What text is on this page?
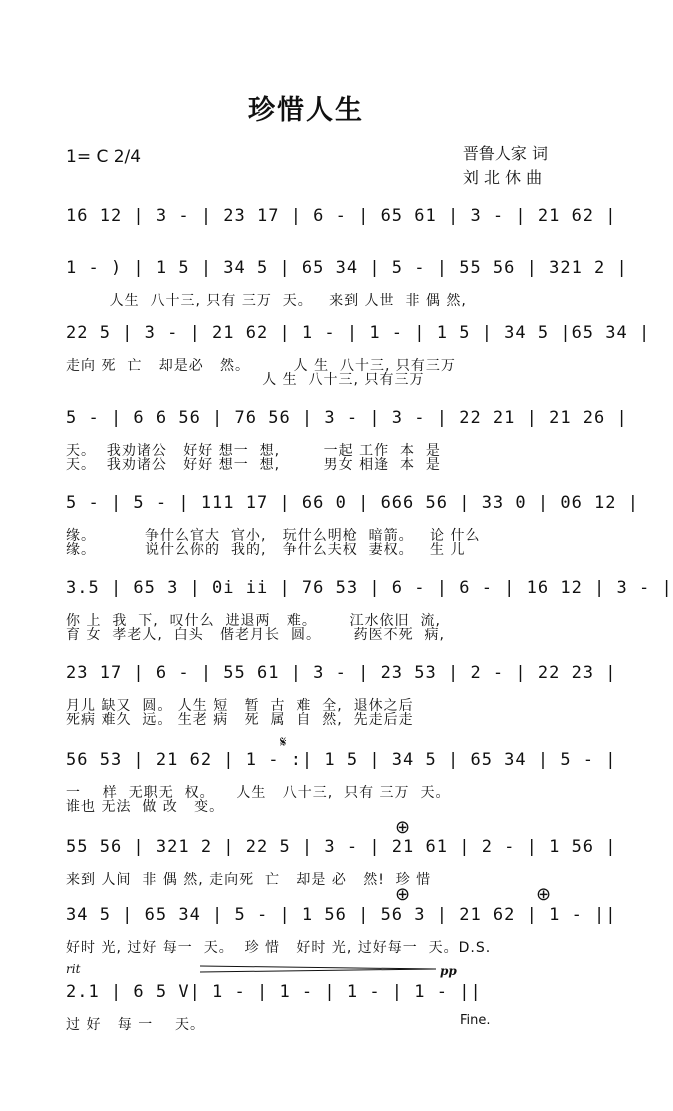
珍惜人生
1= C 2/4	晋鲁人家 词
刘 北 休 曲
16 12 | 3 - | 23 17 | 6 - | 65 61 | 3 - | 21 62 |
1 - ) | 1 5 | 34 5 | 65 34 | 5 - | 55 56 | 321 2 |
人生  八十三, 只有 三万  天。   来到 人世  非 偶 然,
22 5 | 3 - | 21 62 | 1 - | 1 - | 1 5 | 34 5 |65 34 |
走向 死  亡   却是必   然。        人 生  八十三, 只有三万
人 生  八十三, 只有三万
5 - | 6 6 56 | 76 56 | 3 - | 3 - | 22 21 | 21 26 |
天。  我劝诸公   好好 想一  想,        一起 工作  本  是
天。  我劝诸公   好好 想一  想,        男女 相逢  本  是
5 - | 5 - | 111 17 | 66 0 | 666 56 | 33 0 | 06 12 |
缘。         争什么官大  官小,   玩什么明枪  暗箭。   论 什么
缘。         说什么你的  我的,   争什么夫权  妻权。   生 儿
3.5 | 65 3 | 0i ii | 76 53 | 6 - | 6 - | 16 12 | 3 - |
你 上  我  下,  叹什么  进退两   难。      江水依旧  流,
育 女  孝老人,  白头   偕老月长  圆。      药医不死  病,
23 17 | 6 - | 55 61 | 3 - | 23 53 | 2 - | 22 23 |
月儿 缺又  圆。 人生 短   暂  古  难  全,  退休之后
死病 难久  远。 生老 病   死  属  自  然,  先走后走
𝄋
56 53 | 21 62 | 1 - :| 1 5 | 34 5 | 65 34 | 5 - |
一    样  无职无  权。    人生   八十三,  只有 三万  天。
谁也 无法  做 改   变。
⊕
55 56 | 321 2 | 22 5 | 3 - | 21 61 | 2 - | 1 56 |
来到 人间  非 偶 然, 走向死  亡   却是 必   然!  珍 惜
⊕	⊕
34 5 | 65 34 | 5 - | 1 56 | 56 3 | 21 62 | 1 - ||
好时 光, 过好 每一  天。  珍 惜   好时 光, 过好每一  天。D.S.
rit	pp
2.1 | 6 5 V| 1 - | 1 - | 1 - | 1 - ||
过 好   每 一    天。	Fine.
